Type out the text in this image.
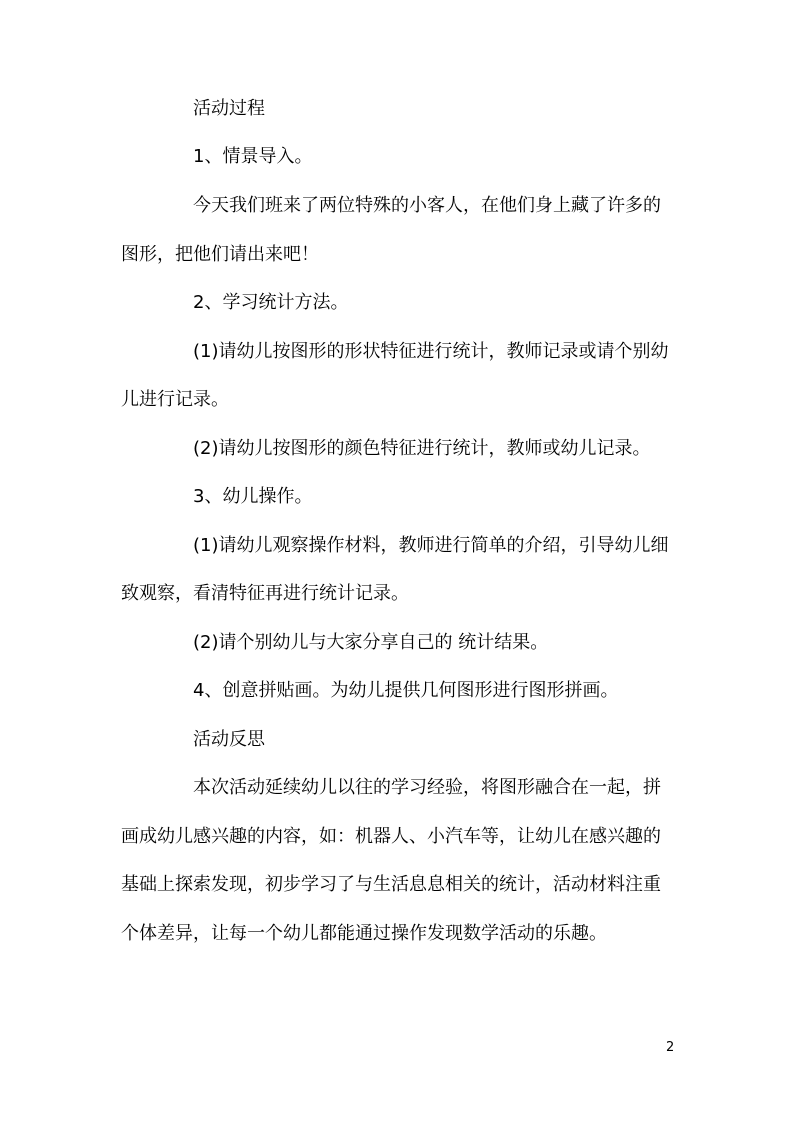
活动过程
1、情景导入。
今天我们班来了两位特殊的小客人，在他们身上藏了许多的
图形，把他们请出来吧！
2、学习统计方法。
(1)请幼儿按图形的形状特征进行统计，教师记录或请个别幼
儿进行记录。
(2)请幼儿按图形的颜色特征进行统计，教师或幼儿记录。
3、幼儿操作。
(1)请幼儿观察操作材料，教师进行简单的介绍，引导幼儿细
致观察，看清特征再进行统计记录。
(2)请个别幼儿与大家分享自己的 统计结果。
4、创意拼贴画。为幼儿提供几何图形进行图形拼画。
活动反思
本次活动延续幼儿以往的学习经验，将图形融合在一起，拼
画成幼儿感兴趣的内容，如：机器人、小汽车等，让幼儿在感兴趣的
基础上探索发现，初步学习了与生活息息相关的统计，活动材料注重
个体差异，让每一个幼儿都能通过操作发现数学活动的乐趣。
2
